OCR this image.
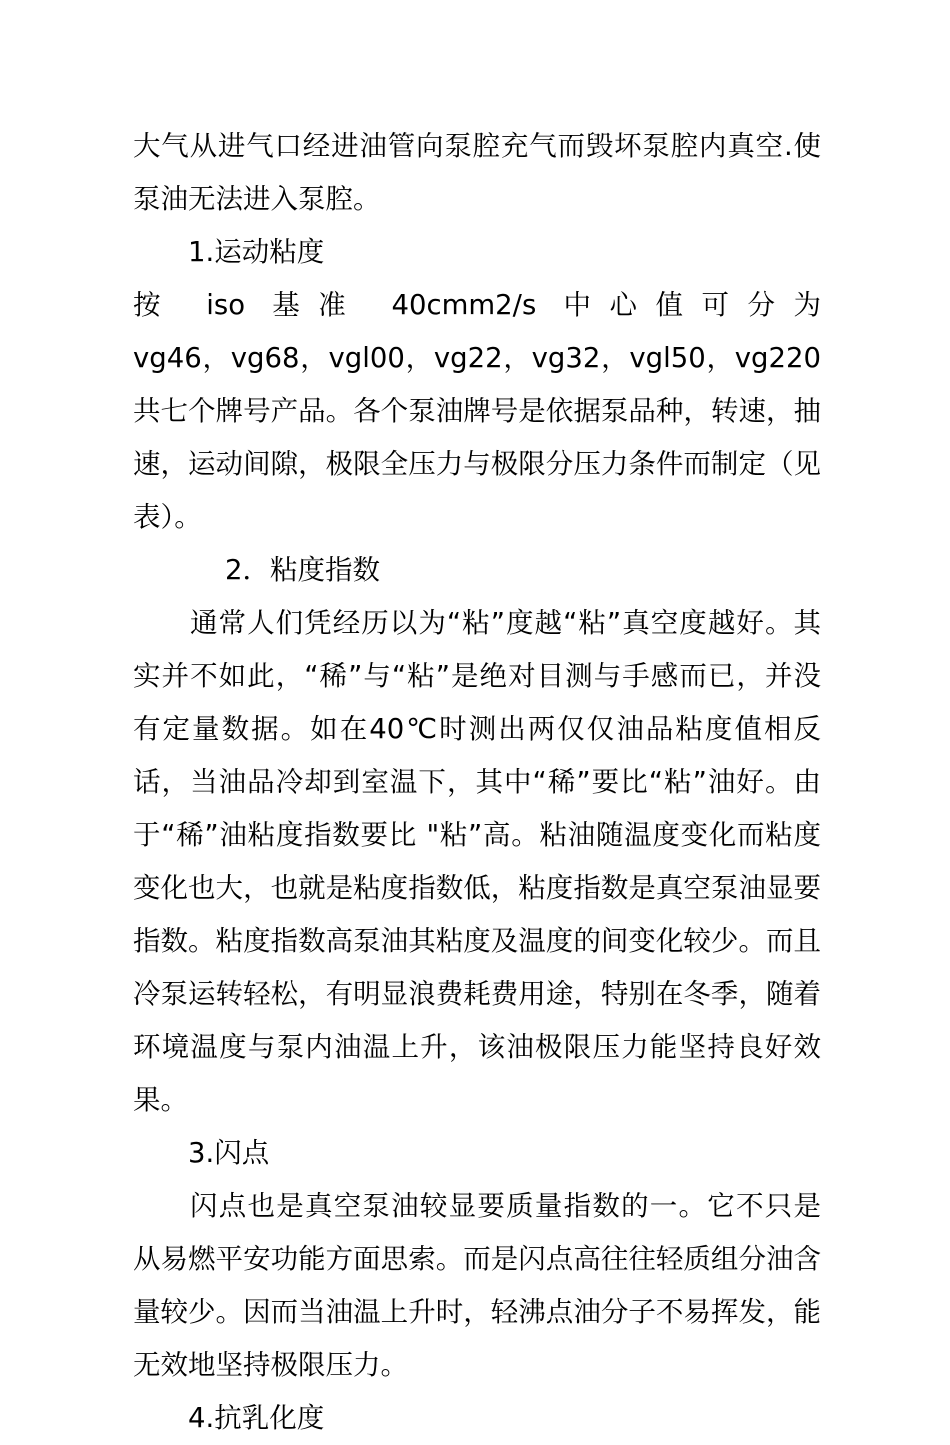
大气从进气口经进油管向泵腔充气而毁坏泵腔内真空.使泵油无法进入泵腔。

1.运动粘度

按 iso 基准 40cmm2/s 中心值可分为

vg46，vg68，vgl00，vg22，vg32，vgl50，vg220 共七个牌号产品。各个泵油牌号是依据泵品种，转速，抽速，运动间隙，极限全压力与极限分压力条件而制定（见表）。

2．粘度指数

通常人们凭经历以为“粘”度越“粘”真空度越好。其实并不如此，“稀”与“粘”是绝对目测与手感而已，并没有定量数据。如在40℃时测出两仅仅油品粘度值相反话，当油品冷却到室温下，其中“稀”要比“粘”油好。由于“稀”油粘度指数要比 "粘”高。粘油随温度变化而粘度变化也大，也就是粘度指数低，粘度指数是真空泵油显要指数。粘度指数高泵油其粘度及温度的间变化较少。而且冷泵运转轻松，有明显浪费耗费用途，特别在冬季，随着环境温度与泵内油温上升，该油极限压力能坚持良好效果。

3.闪点

闪点也是真空泵油较显要质量指数的一。它不只是从易燃平安功能方面思索。而是闪点高往往轻质组分油含量较少。因而当油温上升时，轻沸点油分子不易挥发，能无效地坚持极限压力。

4.抗乳化度
